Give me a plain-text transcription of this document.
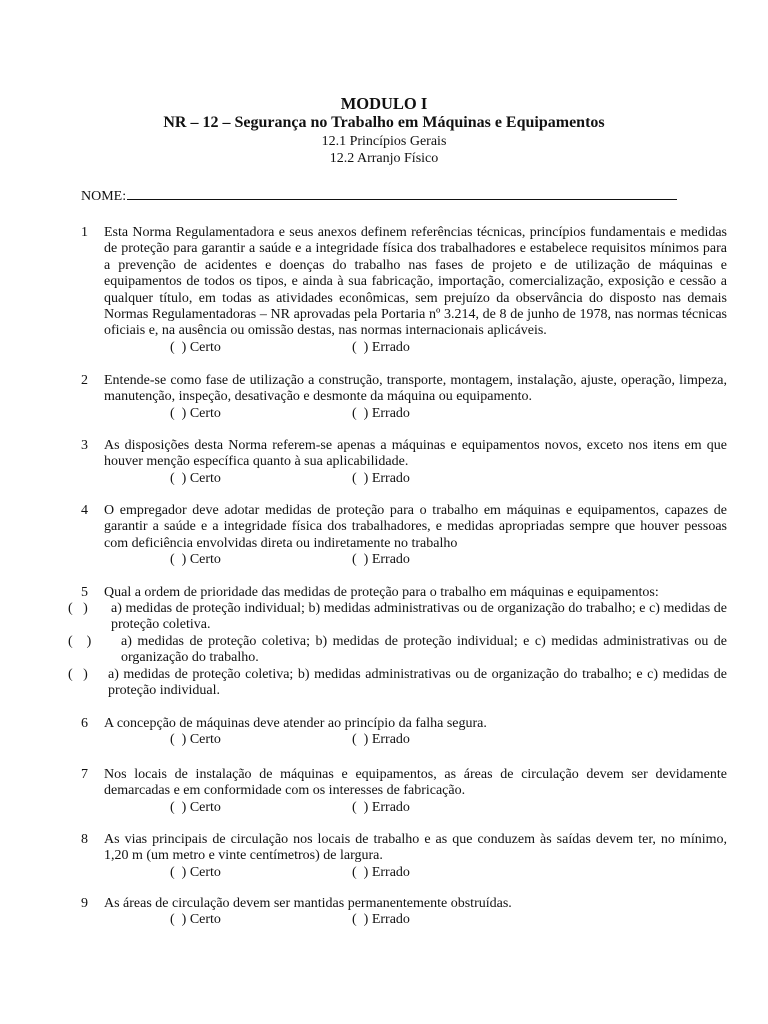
MODULO I
NR – 12 – Segurança no Trabalho em Máquinas e Equipamentos
12.1 Princípios Gerais
12.2 Arranjo Físico
NOME:
1 Esta Norma Regulamentadora e seus anexos definem referências técnicas, princípios fundamentais e medidas de proteção para garantir a saúde e a integridade física dos trabalhadores e estabelece requisitos mínimos para a prevenção de acidentes e doenças do trabalho nas fases de projeto e de utilização de máquinas e equipamentos de todos os tipos, e ainda à sua fabricação, importação, comercialização, exposição e cessão a qualquer título, em todas as atividades econômicas, sem prejuízo da observância do disposto nas demais Normas Regulamentadoras – NR aprovadas pela Portaria nº 3.214, de 8 de junho de 1978, nas normas técnicas oficiais e, na ausência ou omissão destas, nas normas internacionais aplicáveis.
(  ) Certo	(  ) Errado
2 Entende-se como fase de utilização a construção, transporte, montagem, instalação, ajuste, operação, limpeza, manutenção, inspeção, desativação e desmonte da máquina ou equipamento.
(  ) Certo	(  ) Errado
3 As disposições desta Norma referem-se apenas a máquinas e equipamentos novos, exceto nos itens em que houver menção específica quanto à sua aplicabilidade.
(  ) Certo	(  ) Errado
4 O empregador deve adotar medidas de proteção para o trabalho em máquinas e equipamentos, capazes de garantir a saúde e a integridade física dos trabalhadores, e medidas apropriadas sempre que houver pessoas com deficiência envolvidas direta ou indiretamente no trabalho
(  ) Certo	(  ) Errado
5 Qual a ordem de prioridade das medidas de proteção para o trabalho em máquinas e equipamentos:
(   ) a) medidas de proteção individual; b) medidas administrativas ou de organização do trabalho; e c) medidas de proteção coletiva.
(    ) a) medidas de proteção coletiva; b) medidas de proteção individual; e c) medidas administrativas ou de organização do trabalho.
(   ) a) medidas de proteção coletiva; b) medidas administrativas ou de organização do trabalho; e c) medidas de proteção individual.
6 A concepção de máquinas deve atender ao princípio da falha segura.
(  ) Certo	(  ) Errado
7 Nos locais de instalação de máquinas e equipamentos, as áreas de circulação devem ser devidamente demarcadas e em conformidade com os interesses de fabricação.
(  ) Certo	(  ) Errado
8 As vias principais de circulação nos locais de trabalho e as que conduzem às saídas devem ter, no mínimo, 1,20 m (um metro e vinte centímetros) de largura.
(  ) Certo	(  ) Errado
9 As áreas de circulação devem ser mantidas permanentemente obstruídas.
(  ) Certo	(  ) Errado
